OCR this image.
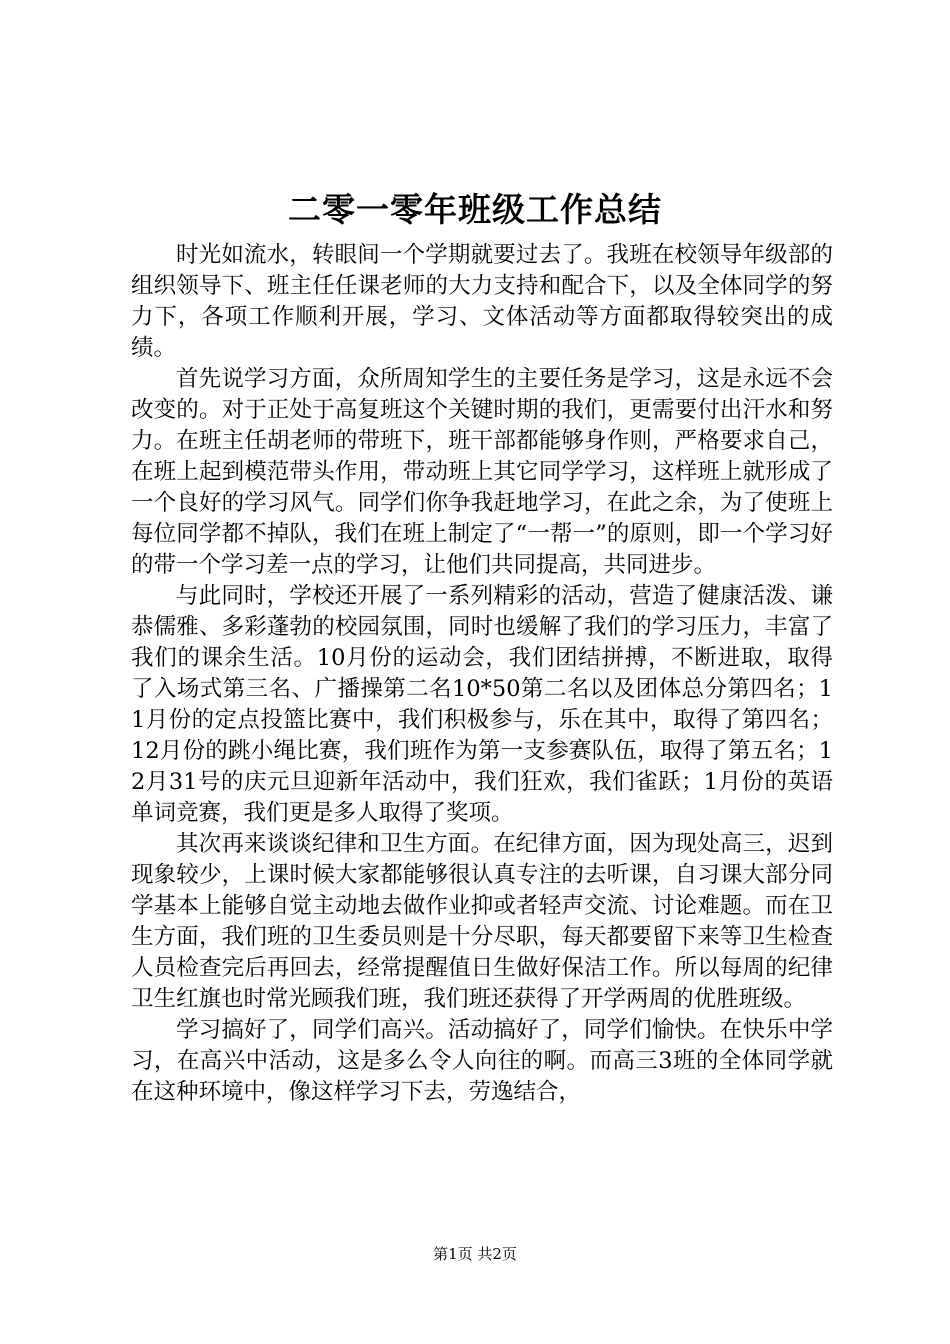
二零一零年班级工作总结

时光如流水，转眼间一个学期就要过去了。我班在校领导年级部的组织领导下、班主任任课老师的大力支持和配合下，以及全体同学的努力下，各项工作顺利开展，学习、文体活动等方面都取得较突出的成绩。

首先说学习方面，众所周知学生的主要任务是学习，这是永远不会改变的。对于正处于高复班这个关键时期的我们，更需要付出汗水和努力。在班主任胡老师的带班下，班干部都能够身作则，严格要求自己，在班上起到模范带头作用，带动班上其它同学学习，这样班上就形成了一个良好的学习风气。同学们你争我赶地学习，在此之余，为了使班上每位同学都不掉队，我们在班上制定了“一帮一”的原则，即一个学习好的带一个学习差一点的学习，让他们共同提高，共同进步。

与此同时，学校还开展了一系列精彩的活动，营造了健康活泼、谦恭儒雅、多彩蓬勃的校园氛围，同时也缓解了我们的学习压力，丰富了我们的课余生活。10月份的运动会，我们团结拼搏，不断进取，取得了入场式第三名、广播操第二名10*50第二名以及团体总分第四名；11月份的定点投篮比赛中，我们积极参与，乐在其中，取得了第四名；12月份的跳小绳比赛，我们班作为第一支参赛队伍，取得了第五名；12月31号的庆元旦迎新年活动中，我们狂欢，我们雀跃；1月份的英语单词竞赛，我们更是多人取得了奖项。

其次再来谈谈纪律和卫生方面。在纪律方面，因为现处高三，迟到现象较少，上课时候大家都能够很认真专注的去听课，自习课大部分同学基本上能够自觉主动地去做作业抑或者轻声交流、讨论难题。而在卫生方面，我们班的卫生委员则是十分尽职，每天都要留下来等卫生检查人员检查完后再回去，经常提醒值日生做好保洁工作。所以每周的纪律卫生红旗也时常光顾我们班，我们班还获得了开学两周的优胜班级。

学习搞好了，同学们高兴。活动搞好了，同学们愉快。在快乐中学习，在高兴中活动，这是多么令人向往的啊。而高三3班的全体同学就在这种环境中，像这样学习下去，劳逸结合，

第1页 共2页
